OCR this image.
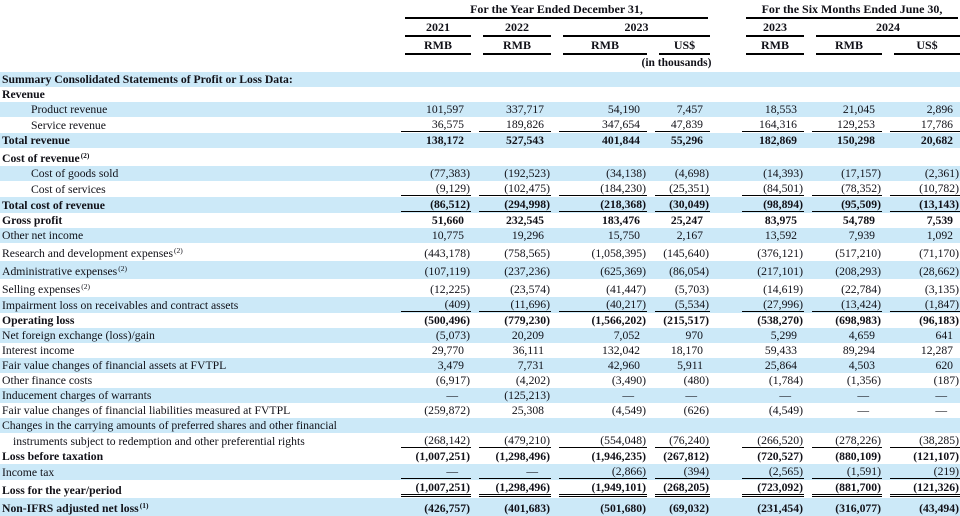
	For the Year Ended December 31,					For the Six Months Ended June 30,		

	2021	2022	2023			2023	2024	

	RMB	RMB	RMB	US$		RMB	RMB	US$

	(in thousands)							
Summary Consolidated Statements of Profit or Loss Data:								
Revenue								
Product revenue	101,597	337,717	54,190	7,457		18,553	21,045	2,896

Service revenue	36,575	189,826	347,654	47,839		164,316	129,253	17,786

Total revenue	138,172	527,543	401,844	55,296		182,869	150,298	20,682

Cost of revenue$^{(2)}$
Cost of goods sold	(77,383)	(192,523)	(34,138)	(4,698)		(14,393)	(17,157)	(2,361)

Cost of services	(9,129)	(102,475)	(184,230)	(25,351)		(84,501)	(78,352)	(10,782)

Total cost of revenue	(86,512)	(294,998)	(218,368)	(30,049)		(98,894)	(95,509)	(13,143)

Gross profit	51,660	232,545	183,476	25,247		83,975	54,789	7,539

Other net income	10,775	19,296	15,750	2,167		13,592	7,939	1,092

Research and development expenses$^{(2)}$	(443,178)	(758,565)	(1,058,395)	(145,640)		(376,121)	(517,210)	(71,170)

Administrative expenses$^{(2)}$	(107,119)	(237,236)	(625,369)	(86,054)		(217,101)	(208,293)	(28,662)

Selling expenses$^{(2)}$	(12,225)	(23,574)	(41,447)	(5,703)		(14,619)	(22,784)	(3,135)

Impairment loss on receivables and contract assets	(409)	(11,696)	(40,217)	(5,534)		(27,996)	(13,424)	(1,847)

Operating loss	(500,496)	(779,230)	(1,566,202)	(215,517)		(538,270)	(698,983)	(96,183)

Net foreign exchange (loss)/gain	(5,073)	20,209	7,052	970		5,299	4,659	641

Interest income	29,770	36,111	132,042	18,170		59,433	89,294	12,287

Fair value changes of financial assets at FVTPL	3,479	7,731	42,960	5,911		25,864	4,503	620

Other finance costs	(6,917)	(4,202)	(3,490)	(480)		(1,784)	(1,356)	(187)

Inducement charges of warrants	—	(125,213)	—	—		—	—	—

Fair value changes of financial liabilities measured at FVTPL	(259,872)	25,308	(4,549)	(626)		(4,549)	—	—

Changes in the carrying amounts of preferred shares and other financial								
instruments subject to redemption and other preferential rights	(268,142)	(479,210)	(554,048)	(76,240)		(266,520)	(278,226)	(38,285)

Loss before taxation	(1,007,251)	(1,298,496)	(1,946,235)	(267,812)		(720,527)	(880,109)	(121,107)

Income tax	—	—	(2,866)	(394)		(2,565)	(1,591)	(219)

Loss for the year/period	(1,007,251)	(1,298,496)	(1,949,101)	(268,205)		(723,092)	(881,700)	(121,326)

Non-IFRS adjusted net loss$^{(1)}$	(426,757)	(401,683)	(501,680)	(69,032)		(231,454)	(316,077)	(43,494)
